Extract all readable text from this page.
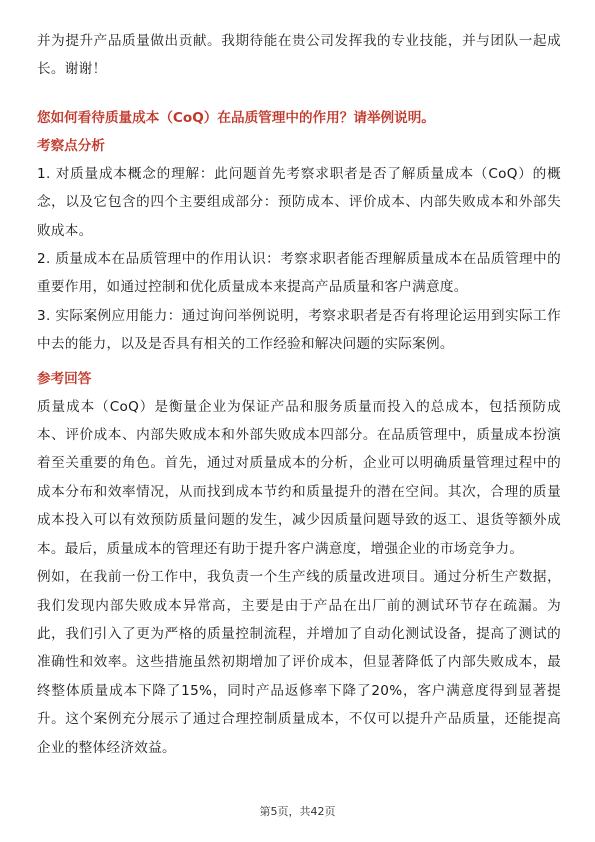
并为提升产品质量做出贡献。我期待能在贵公司发挥我的专业技能，并与团队一起成长。谢谢！

您如何看待质量成本（CoQ）在品质管理中的作用？请举例说明。
考察点分析

1. 对质量成本概念的理解：此问题首先考察求职者是否了解质量成本（CoQ）的概念，以及它包含的四个主要组成部分：预防成本、评价成本、内部失败成本和外部失败成本。

2. 质量成本在品质管理中的作用认识：考察求职者能否理解质量成本在品质管理中的重要作用，如通过控制和优化质量成本来提高产品质量和客户满意度。

3. 实际案例应用能力：通过询问举例说明，考察求职者是否有将理论运用到实际工作中去的能力，以及是否具有相关的工作经验和解决问题的实际案例。

参考回答

质量成本（CoQ）是衡量企业为保证产品和服务质量而投入的总成本，包括预防成本、评价成本、内部失败成本和外部失败成本四部分。在品质管理中，质量成本扮演着至关重要的角色。首先，通过对质量成本的分析，企业可以明确质量管理过程中的成本分布和效率情况，从而找到成本节约和质量提升的潜在空间。其次，合理的质量成本投入可以有效预防质量问题的发生，减少因质量问题导致的返工、退货等额外成本。最后，质量成本的管理还有助于提升客户满意度，增强企业的市场竞争力。

例如，在我前一份工作中，我负责一个生产线的质量改进项目。通过分析生产数据，我们发现内部失败成本异常高，主要是由于产品在出厂前的测试环节存在疏漏。为此，我们引入了更为严格的质量控制流程，并增加了自动化测试设备，提高了测试的准确性和效率。这些措施虽然初期增加了评价成本，但显著降低了内部失败成本，最终整体质量成本下降了15%，同时产品返修率下降了20%，客户满意度得到显著提升。这个案例充分展示了通过合理控制质量成本，不仅可以提升产品质量，还能提高企业的整体经济效益。

第5页，共42页
